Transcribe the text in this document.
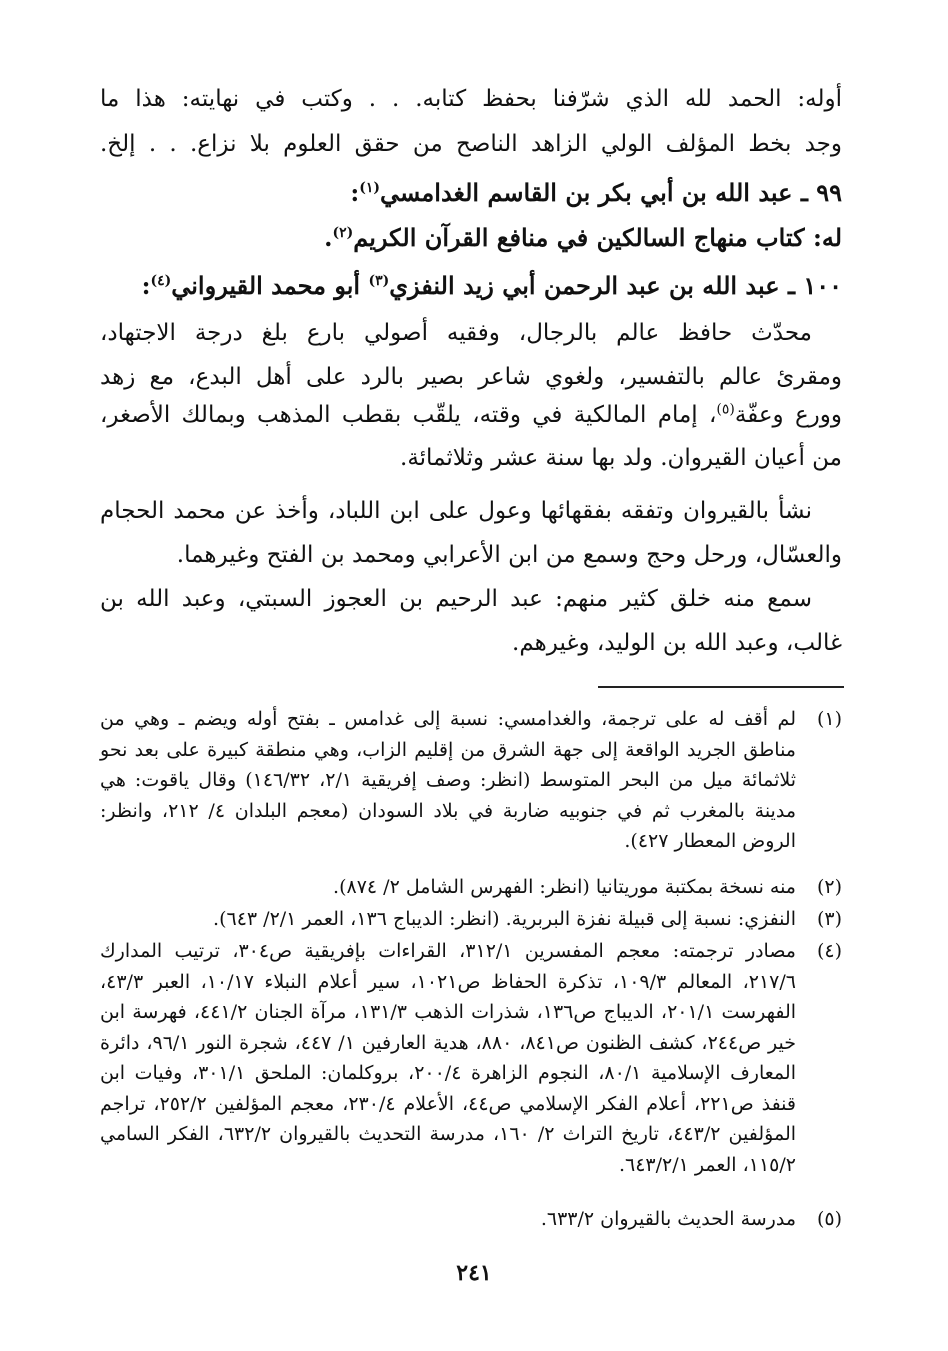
أوله: الحمد لله الذي شرّفنا بحفظ كتابه. . . وكتب في نهايته: هذا ما
وجد بخط المؤلف الولي الزاهد الناصح من حقق العلوم بلا نزاع. . . إلخ.
٩٩ ـ عبد الله بن أبي بكر بن القاسم الغدامسي$^{(١)}$:
له: كتاب منهاج السالكين في منافع القرآن الكريم$^{(٢)}$.
١٠٠ ـ عبد الله بن عبد الرحمن أبي زيد النفزي$^{(٣)}$ أبو محمد القيرواني$^{(٤)}$:
محدّث حافظ عالم بالرجال، وفقيه أصولي بارع بلغ درجة الاجتهاد،
ومقرئ عالم بالتفسير، ولغوي شاعر بصير بالرد على أهل البدع، مع زهد
وورع وعفّة$^{(٥)}$، إمام المالكية في وقته، يلقّب بقطب المذهب وبمالك الأصغر،
من أعيان القيروان. ولد بها سنة عشر وثلاثمائة.
نشأ بالقيروان وتفقه بفقهائها وعول على ابن اللباد، وأخذ عن محمد الحجام
والعسّال، ورحل وحج وسمع من ابن الأعرابي ومحمد بن الفتح وغيرهما.
سمع منه خلق كثير منهم: عبد الرحيم بن العجوز السبتي، وعبد الله بن
غالب، وعبد الله بن الوليد، وغيرهم.
(١)
لم أقف له على ترجمة، والغدامسي: نسبة إلى غدامس ـ بفتح أوله ويضم ـ وهي من مناطق الجريد الواقعة إلى جهة الشرق من إقليم الزاب، وهي منطقة كبيرة على بعد نحو ثلاثمائة ميل من البحر المتوسط (انظر: وصف إفريقية ٢/١، ١٤٦/٣٢) وقال ياقوت: هي مدينة بالمغرب ثم في جنوبيه ضاربة في بلاد السودان (معجم البلدان ٤/ ٢١٢، وانظر: الروض المعطار ٤٢٧).
(٢)
منه نسخة بمكتبة موريتانيا (انظر: الفهرس الشامل ٢/ ٨٧٤).
(٣)
النفزي: نسبة إلى قبيلة نفزة البربرية. (انظر: الديباج ١٣٦، العمر ٢/١/ ٦٤٣).
(٤)
مصادر ترجمته: معجم المفسرين ٣١٢/١، القراءات بإفريقية ص٣٠٤، ترتيب المدارك ٢١٧/٦، المعالم ١٠٩/٣، تذكرة الحفاظ ص١٠٢١، سير أعلام النبلاء ١٠/١٧، العبر ٤٣/٣، الفهرست ٢٠١/١، الديباج ص١٣٦، شذرات الذهب ١٣١/٣، مرآة الجنان ٤٤١/٢، فهرسة ابن خير ص٢٤٤، كشف الظنون ص٨٤١، ٨٨٠، هدية العارفين ١/ ٤٤٧، شجرة النور ٩٦/١، دائرة المعارف الإسلامية ٨٠/١، النجوم الزاهرة ٢٠٠/٤، بروكلمان: الملحق ٣٠١/١، وفيات ابن قنفذ ص٢٢١، أعلام الفكر الإسلامي ص٤٤، الأعلام ٢٣٠/٤، معجم المؤلفين ٢٥٢/٢، تراجم المؤلفين ٤٤٣/٢، تاريخ التراث ٢/ ١٦٠، مدرسة التحديث بالقيروان ٦٣٢/٢، الفكر السامي ١١٥/٢، العمر ٦٤٣/٢/١.
(٥)
مدرسة الحديث بالقيروان ٦٣٣/٢.
٢٤١
